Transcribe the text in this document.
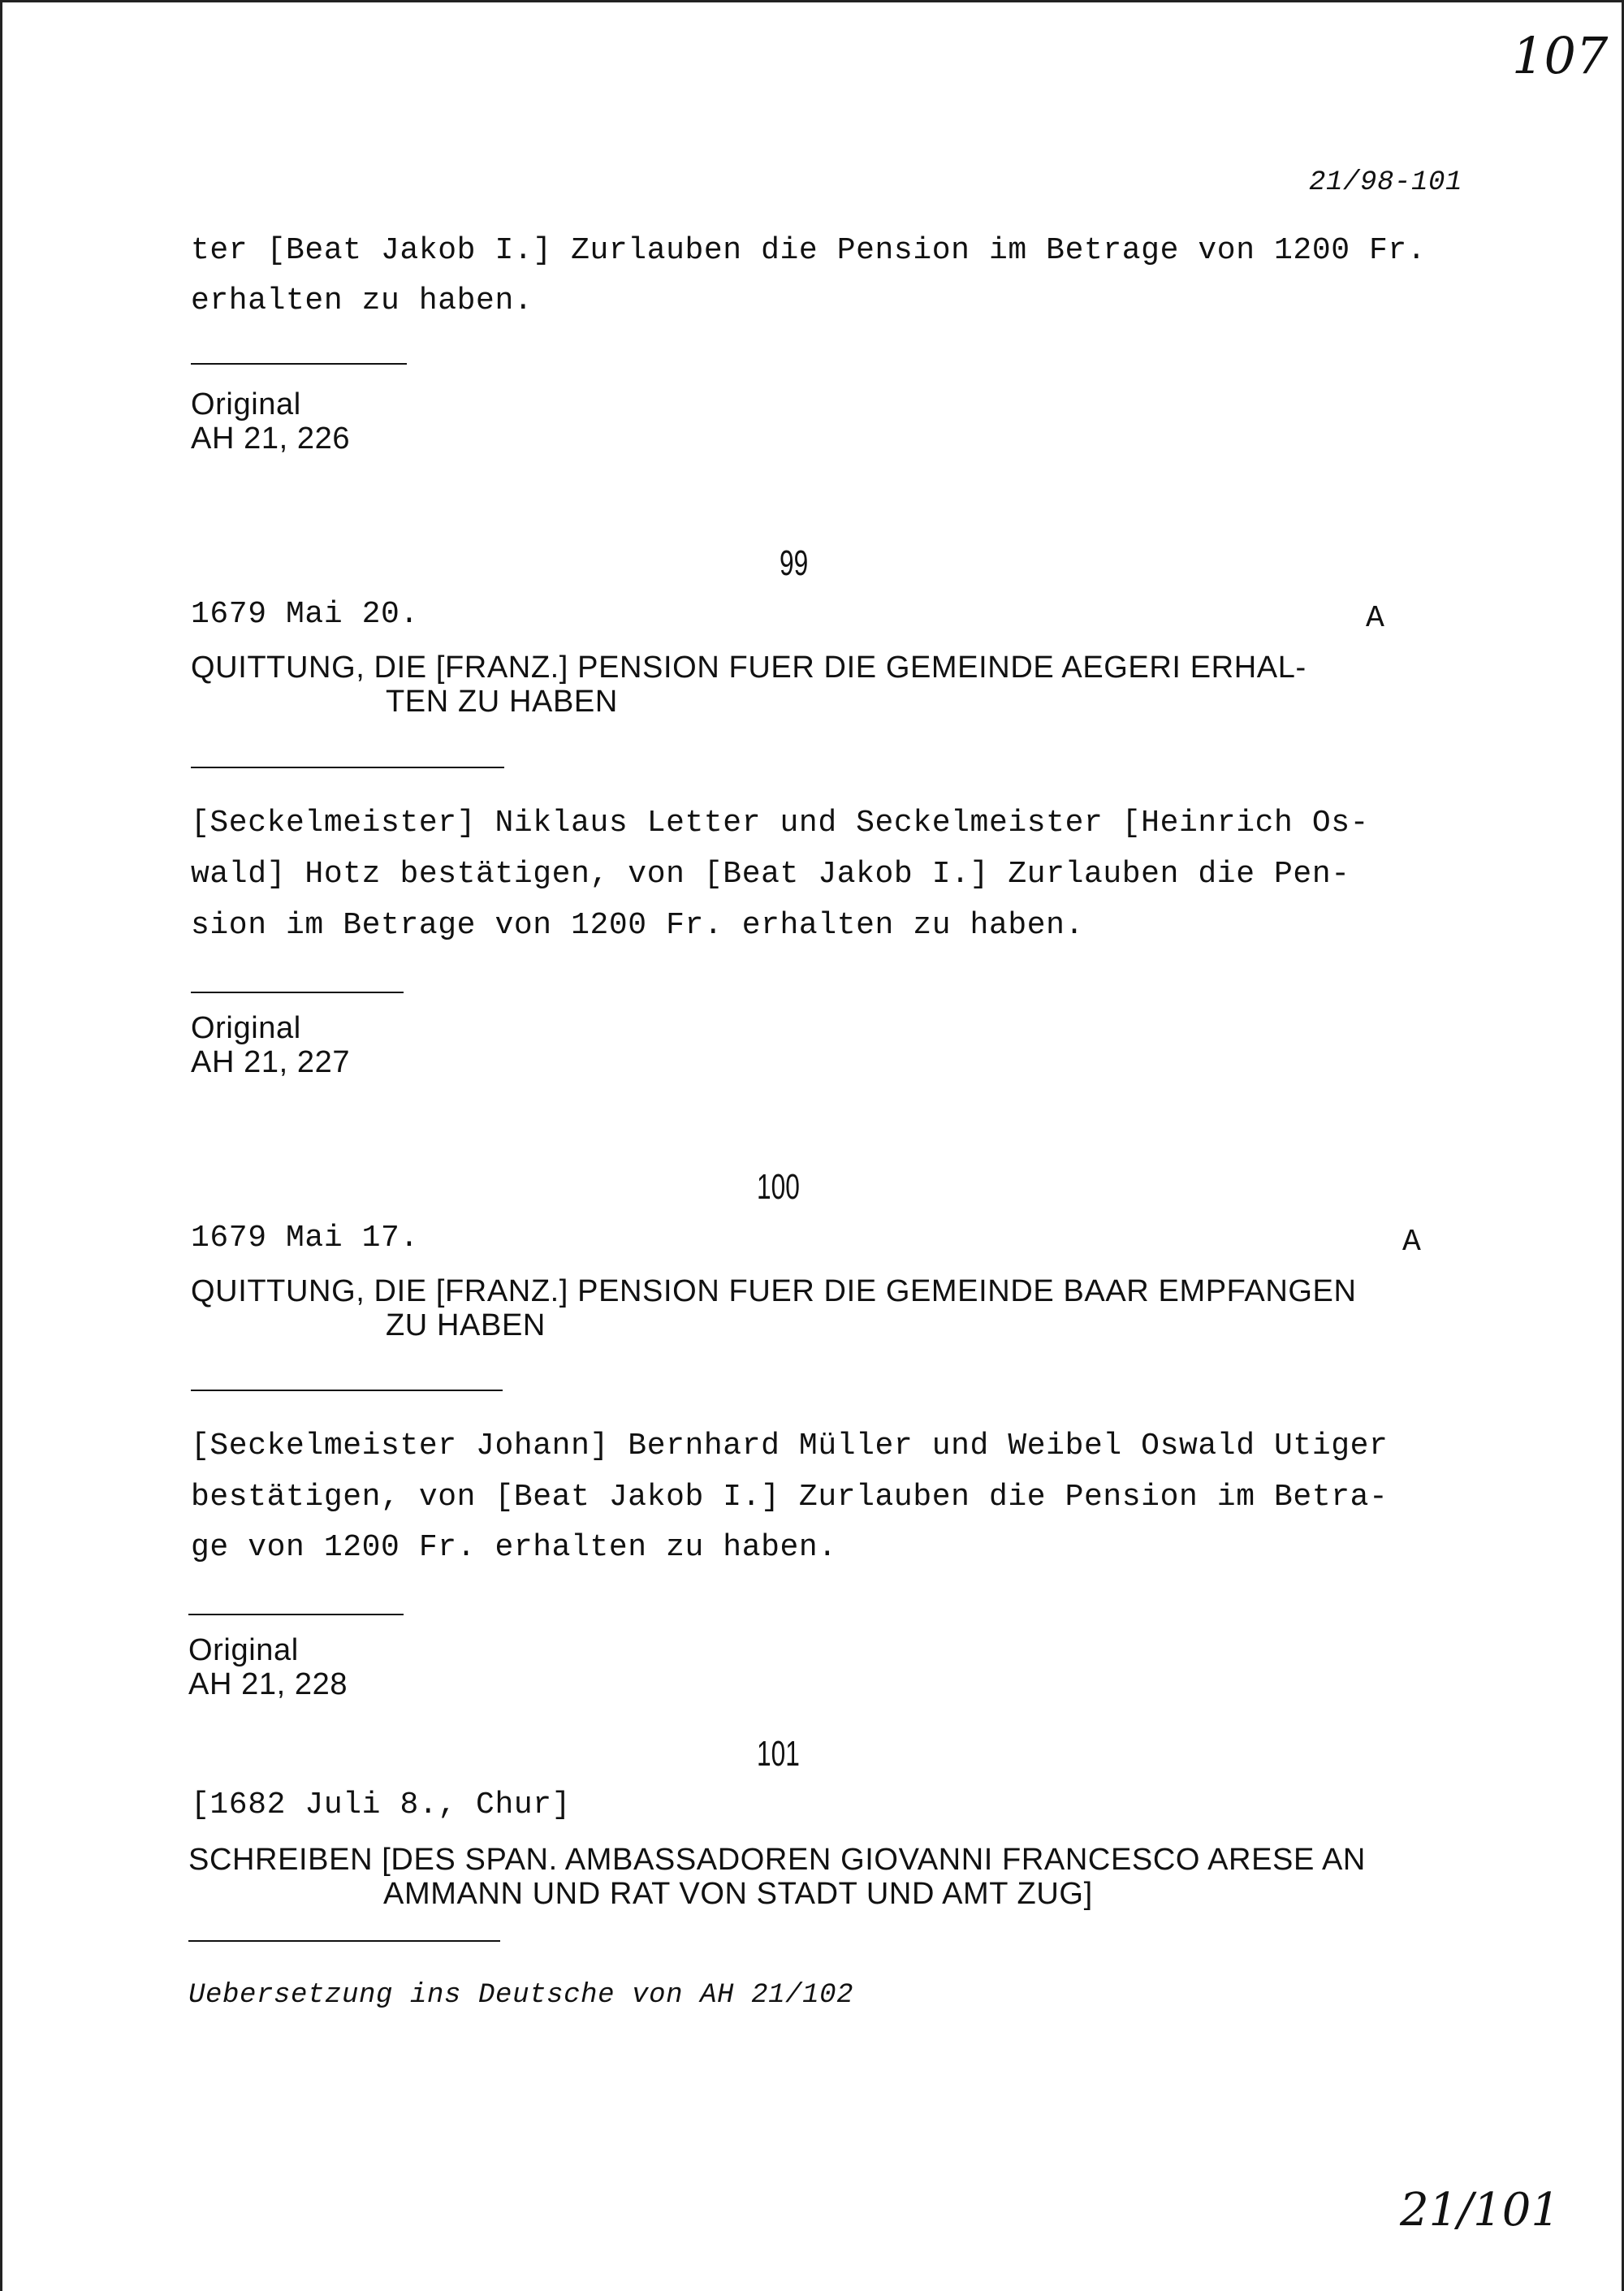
107
21/98-101
ter [Beat Jakob I.] Zurlauben die Pension im Betrage von 1200 Fr.
erhalten zu haben.
Original
AH 21, 226
99
1679 Mai 20.	A
QUITTUNG, DIE [FRANZ.] PENSION FUER DIE GEMEINDE AEGERI ERHAL-
TEN ZU HABEN
[Seckelmeister] Niklaus Letter und Seckelmeister [Heinrich Os-
wald] Hotz bestätigen, von [Beat Jakob I.] Zurlauben die Pen-
sion im Betrage von 1200 Fr. erhalten zu haben.
Original
AH 21, 227
100
1679 Mai 17.	A
QUITTUNG, DIE [FRANZ.] PENSION FUER DIE GEMEINDE BAAR EMPFANGEN
ZU HABEN
[Seckelmeister Johann] Bernhard Müller und Weibel Oswald Utiger
bestätigen, von [Beat Jakob I.] Zurlauben die Pension im Betra-
ge von 1200 Fr. erhalten zu haben.
Original
AH 21, 228
101
[1682 Juli 8., Chur]
SCHREIBEN [DES SPAN. AMBASSADOREN GIOVANNI FRANCESCO ARESE AN
AMMANN UND RAT VON STADT UND AMT ZUG]
Uebersetzung ins Deutsche von AH 21/102
21/101
